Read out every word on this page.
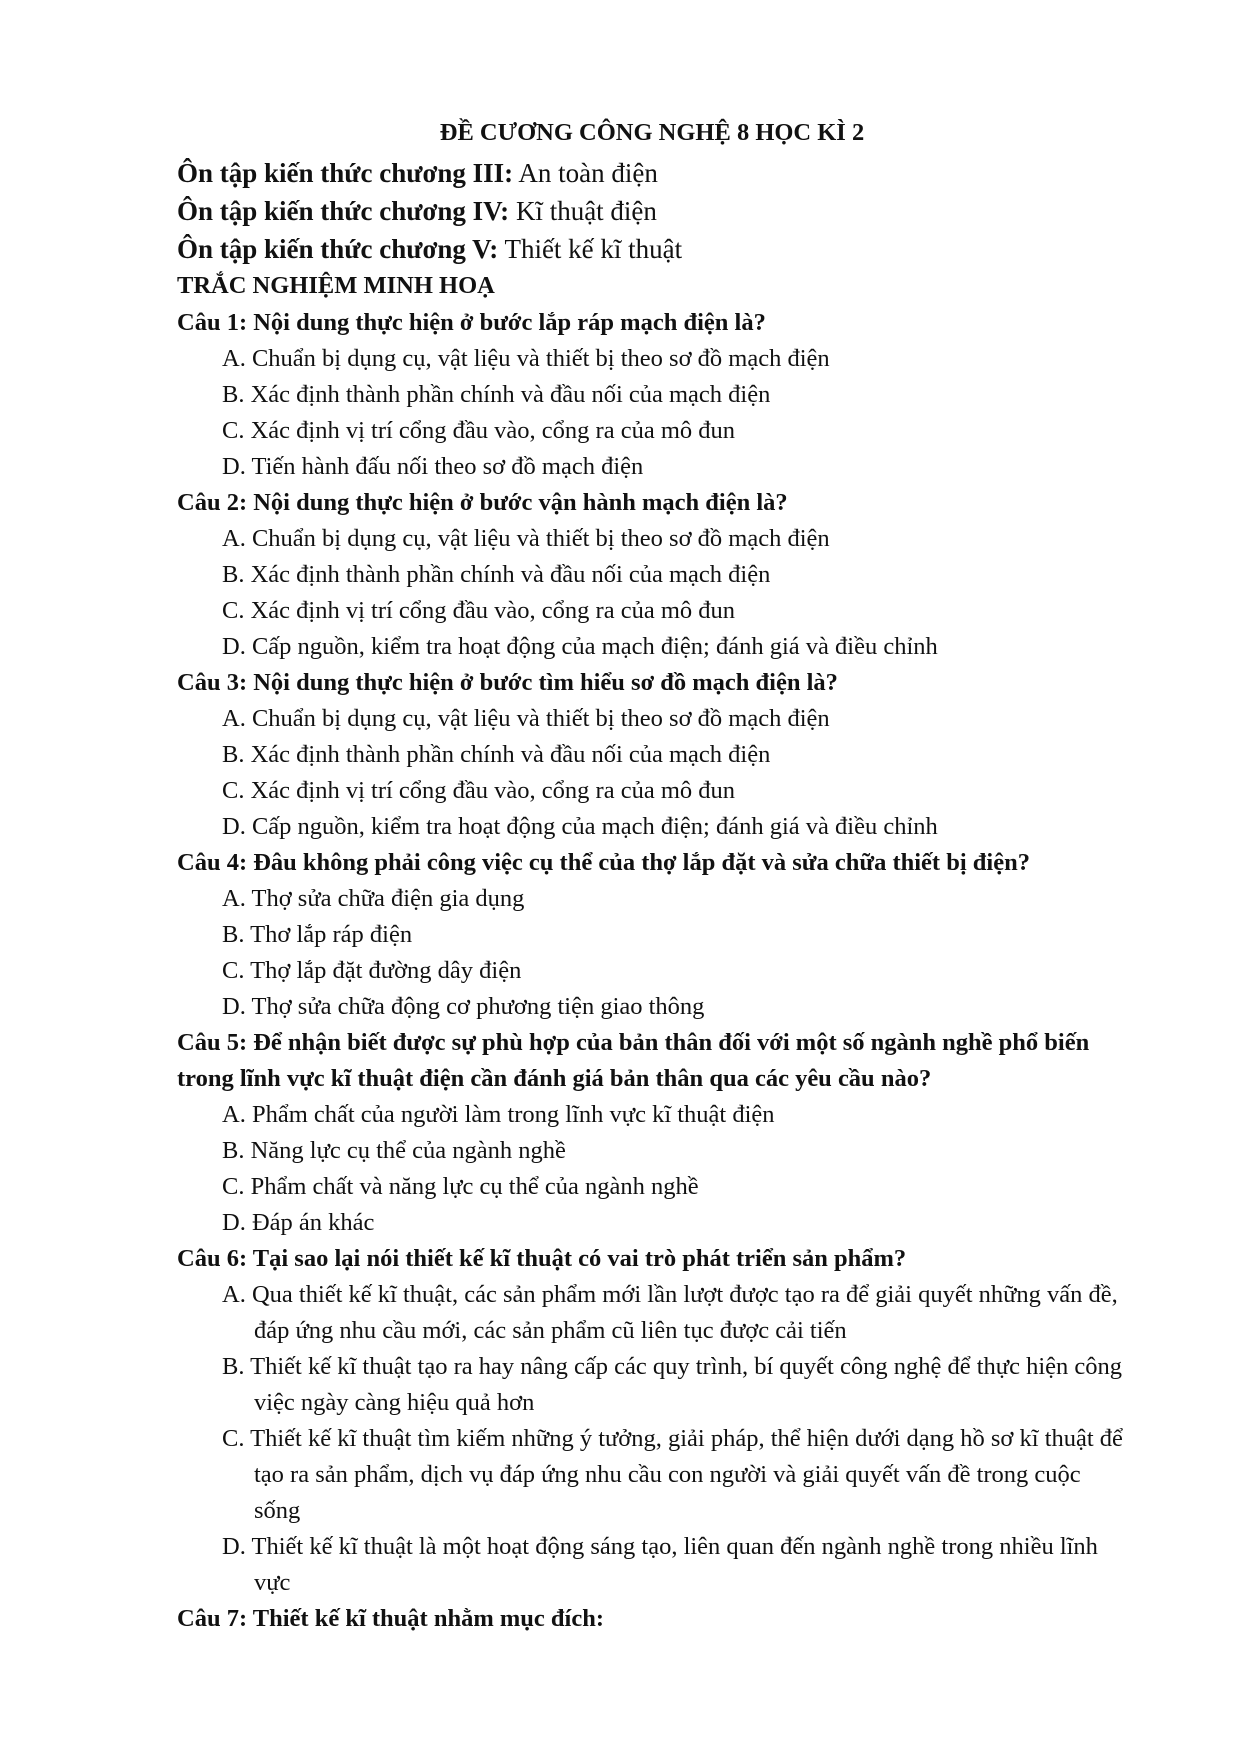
ĐỀ CƯƠNG CÔNG NGHỆ 8 HỌC KÌ 2
Ôn tập kiến thức chương III: An toàn điện
Ôn tập kiến thức chương IV: Kĩ thuật điện
Ôn tập kiến thức chương V: Thiết kế kĩ thuật
TRẮC NGHIỆM MINH HOẠ
Câu 1: Nội dung thực hiện ở bước lắp ráp mạch điện là?
A. Chuẩn bị dụng cụ, vật liệu và thiết bị theo sơ đồ mạch điện
B. Xác định thành phần chính và đầu nối của mạch điện
C. Xác định vị trí cổng đầu vào, cổng ra của mô đun
D. Tiến hành đấu nối theo sơ đồ mạch điện
Câu 2: Nội dung thực hiện ở bước vận hành mạch điện là?
A. Chuẩn bị dụng cụ, vật liệu và thiết bị theo sơ đồ mạch điện
B. Xác định thành phần chính và đầu nối của mạch điện
C. Xác định vị trí cổng đầu vào, cổng ra của mô đun
D. Cấp nguồn, kiểm tra hoạt động của mạch điện; đánh giá và điều chỉnh
Câu 3: Nội dung thực hiện ở bước tìm hiểu sơ đồ mạch điện là?
A. Chuẩn bị dụng cụ, vật liệu và thiết bị theo sơ đồ mạch điện
B. Xác định thành phần chính và đầu nối của mạch điện
C. Xác định vị trí cổng đầu vào, cổng ra của mô đun
D. Cấp nguồn, kiểm tra hoạt động của mạch điện; đánh giá và điều chỉnh
Câu 4: Đâu không phải công việc cụ thể của thợ lắp đặt và sửa chữa thiết bị điện?
A. Thợ sửa chữa điện gia dụng
B. Thơ lắp ráp điện
C. Thợ lắp đặt đường dây điện
D. Thợ sửa chữa động cơ phương tiện giao thông
Câu 5: Để nhận biết được sự phù hợp của bản thân đối với một số ngành nghề phổ biến trong lĩnh vực kĩ thuật điện cần đánh giá bản thân qua các yêu cầu nào?
A. Phẩm chất của người làm trong lĩnh vực kĩ thuật điện
B. Năng lực cụ thể của ngành nghề
C. Phẩm chất và năng lực cụ thể của ngành nghề
D. Đáp án khác
Câu 6: Tại sao lại nói thiết kế kĩ thuật có vai trò phát triển sản phẩm?
A. Qua thiết kế kĩ thuật, các sản phẩm mới lần lượt được tạo ra để giải quyết những vấn đề, đáp ứng nhu cầu mới, các sản phẩm cũ liên tục được cải tiến
B. Thiết kế kĩ thuật tạo ra hay nâng cấp các quy trình, bí quyết công nghệ để thực hiện công việc ngày càng hiệu quả hơn
C. Thiết kế kĩ thuật tìm kiếm những ý tưởng, giải pháp, thể hiện dưới dạng hồ sơ kĩ thuật để tạo ra sản phẩm, dịch vụ đáp ứng nhu cầu con người và giải quyết vấn đề trong cuộc sống
D. Thiết kế kĩ thuật là một hoạt động sáng tạo, liên quan đến ngành nghề trong nhiều lĩnh vực
Câu 7: Thiết kế kĩ thuật nhằm mục đích:
